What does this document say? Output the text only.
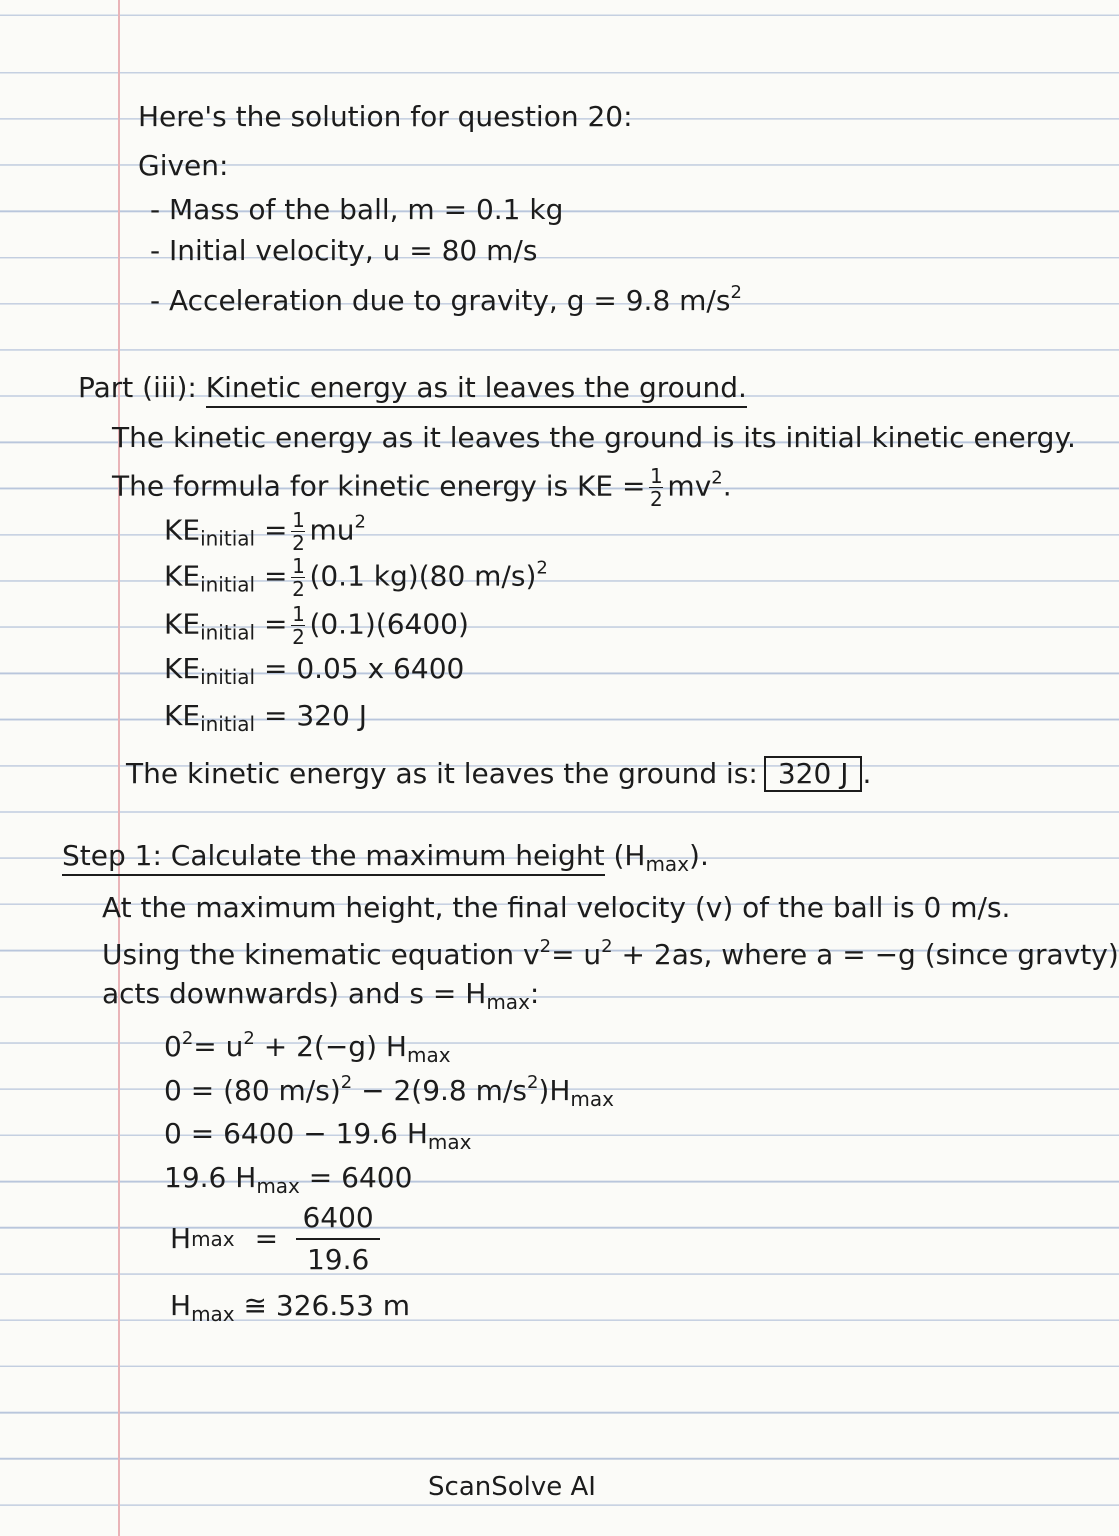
Here's the solution for question 20:
Given:
- Mass of the ball, m = 0.1 kg
- Initial velocity, u = 80 m/s
- Acceleration due to gravity, g = 9.8 $m/s^2$
Part (iii): Kinetic energy as it leaves the ground.
The kinetic energy as it leaves the ground is its initial kinetic energy.
The formula for kinetic energy is KE = $\frac{1}{2} mv^2$.
$KE_{initial} = \frac{1}{2} mu^2$
$KE_{initial} = \frac{1}{2} (0.1$ kg)(80 m/s)$^2$
$KE_{initial} = \frac{1}{2} (0.1)(6400)$
$KE_{initial} = 0.05$ x 6400
$KE_{initial} = 320$ J
The kinetic energy as it leaves the ground is: 320 J .
Step 1: Calculate the maximum height $(H_{max})$.
At the maximum height, the final velocity (v) of the ball is 0 m/s.
Using the kinematic equation $v^2= u^2 + 2as$, where a = −g (since gravty)
acts downwards) and $s = H_{max}$:
$0^2= u^2 + 2(-g)$ $H_{max}$
0 = (80 m/s)$^2$ − 2(9.8 $m/s^2)H_{max}$
0 = 6400 − 19.6 $H_{max}$
19.6 $H_{max} = 6400$
H $\max = \frac{6400}{19.6}$
$H_{max}$ ≅ 326.53 m
ScanSolve AI
